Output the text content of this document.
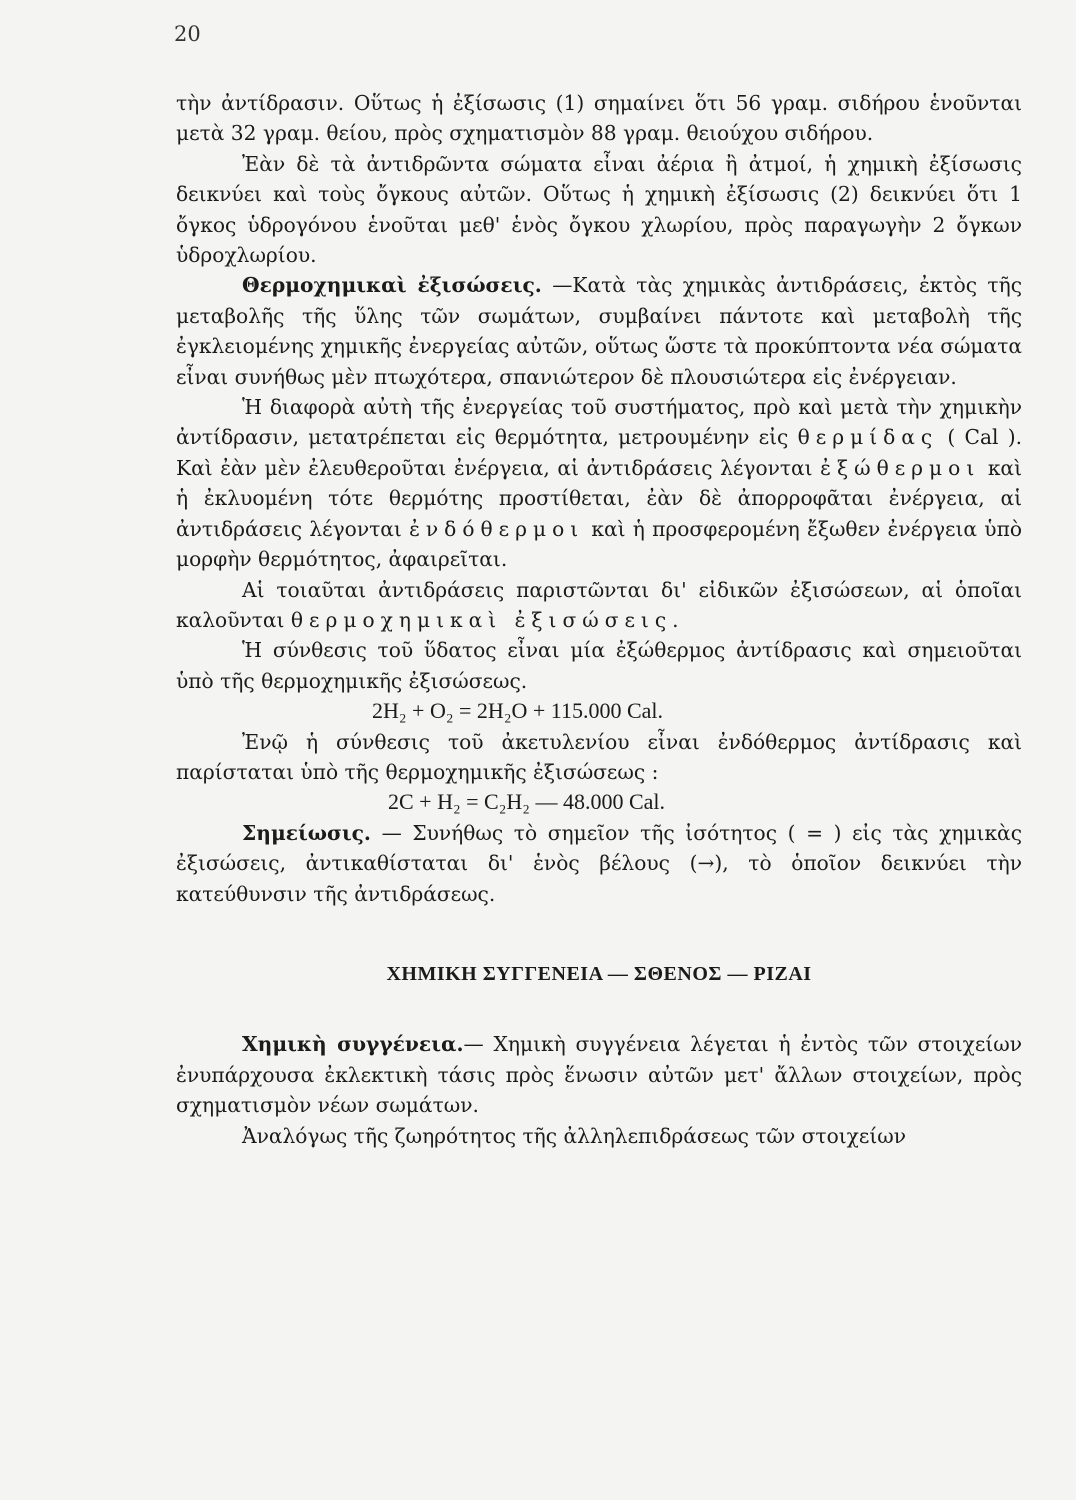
20

τὴν ἀντίδρασιν. Οὕτως ἡ ἐξίσωσις (1) σημαίνει ὅτι 56 γραμ. σιδήρου ἑνοῦνται μετὰ 32 γραμ. θείου, πρὸς σχηματισμὸν 88 γραμ. θειούχου σιδήρου.

Ἐὰν δὲ τὰ ἀντιδρῶντα σώματα εἶναι ἀέρια ἢ ἀτμοί, ἡ χημικὴ ἐξίσωσις δεικνύει καὶ τοὺς ὄγκους αὐτῶν. Οὕτως ἡ χημικὴ ἐξίσωσις (2) δεικνύει ὅτι 1 ὄγκος ὑδρογόνου ἑνοῦται μεθ' ἑνὸς ὄγκου χλωρίου, πρὸς παραγωγὴν 2 ὄγκων ὑδροχλωρίου.

Θερμοχημικαὶ ἐξισώσεις. —Κατὰ τὰς χημικὰς ἀντιδράσεις, ἐκτὸς τῆς μεταβολῆς τῆς ὕλης τῶν σωμάτων, συμβαίνει πάντοτε καὶ μεταβολὴ τῆς ἐγκλειομένης χημικῆς ἐνεργείας αὐτῶν, οὕτως ὥστε τὰ προκύπτοντα νέα σώματα εἶναι συνήθως μὲν πτωχότερα, σπανιώτερον δὲ πλουσιώτερα εἰς ἐνέργειαν.

Ἡ διαφορὰ αὐτὴ τῆς ἐνεργείας τοῦ συστήματος, πρὸ καὶ μετὰ τὴν χημικὴν ἀντίδρασιν, μετατρέπεται εἰς θερμότητα, μετρουμένην εἰς θερμίδας ( Cal ). Καὶ ἐὰν μὲν ἐλευθεροῦται ἐνέργεια, αἱ ἀντιδράσεις λέγονται ἐξώθερμοι καὶ ἡ ἐκλυομένη τότε θερμότης προστίθεται, ἐὰν δὲ ἀπορροφᾶται ἐνέργεια, αἱ ἀντιδράσεις λέγονται ἐνδόθερμοι καὶ ἡ προσφερομένη ἔξωθεν ἐνέργεια ὑπὸ μορφὴν θερμότητος, ἀφαιρεῖται.

Αἱ τοιαῦται ἀντιδράσεις παριστῶνται δι' εἰδικῶν ἐξισώσεων, αἱ ὁποῖαι καλοῦνται θερμοχημικαὶ ἐξισώσεις.

Ἡ σύνθεσις τοῦ ὕδατος εἶναι μία ἐξώθερμος ἀντίδρασις καὶ σημειοῦται ὑπὸ τῆς θερμοχημικῆς ἐξισώσεως.

2H₂ + O₂ = 2H₂O + 115.000 Cal.

Ἐνῷ ἡ σύνθεσις τοῦ ἀκετυλενίου εἶναι ἐνδόθερμος ἀντίδρασις καὶ παρίσταται ὑπὸ τῆς θερμοχημικῆς ἐξισώσεως :

2C + H₂ = C₂H₂ — 48.000 Cal.

Σημείωσις. — Συνήθως τὸ σημεῖον τῆς ἰσότητος ( = ) εἰς τὰς χημικὰς ἐξισώσεις, ἀντικαθίσταται δι' ἑνὸς βέλους (→), τὸ ὁποῖον δεικνύει τὴν κατεύθυνσιν τῆς ἀντιδράσεως.

ΧΗΜΙΚΗ ΣΥΓΓΕΝΕΙΑ — ΣΘΕΝΟΣ — ΡΙΖΑΙ

Χημικὴ συγγένεια.— Χημικὴ συγγένεια λέγεται ἡ ἐντὸς τῶν στοιχείων ἐνυπάρχουσα ἐκλεκτικὴ τάσις πρὸς ἕνωσιν αὐτῶν μετ' ἄλλων στοιχείων, πρὸς σχηματισμὸν νέων σωμάτων.

Ἀναλόγως τῆς ζωηρότητος τῆς ἀλληλεπιδράσεως τῶν στοιχείων
